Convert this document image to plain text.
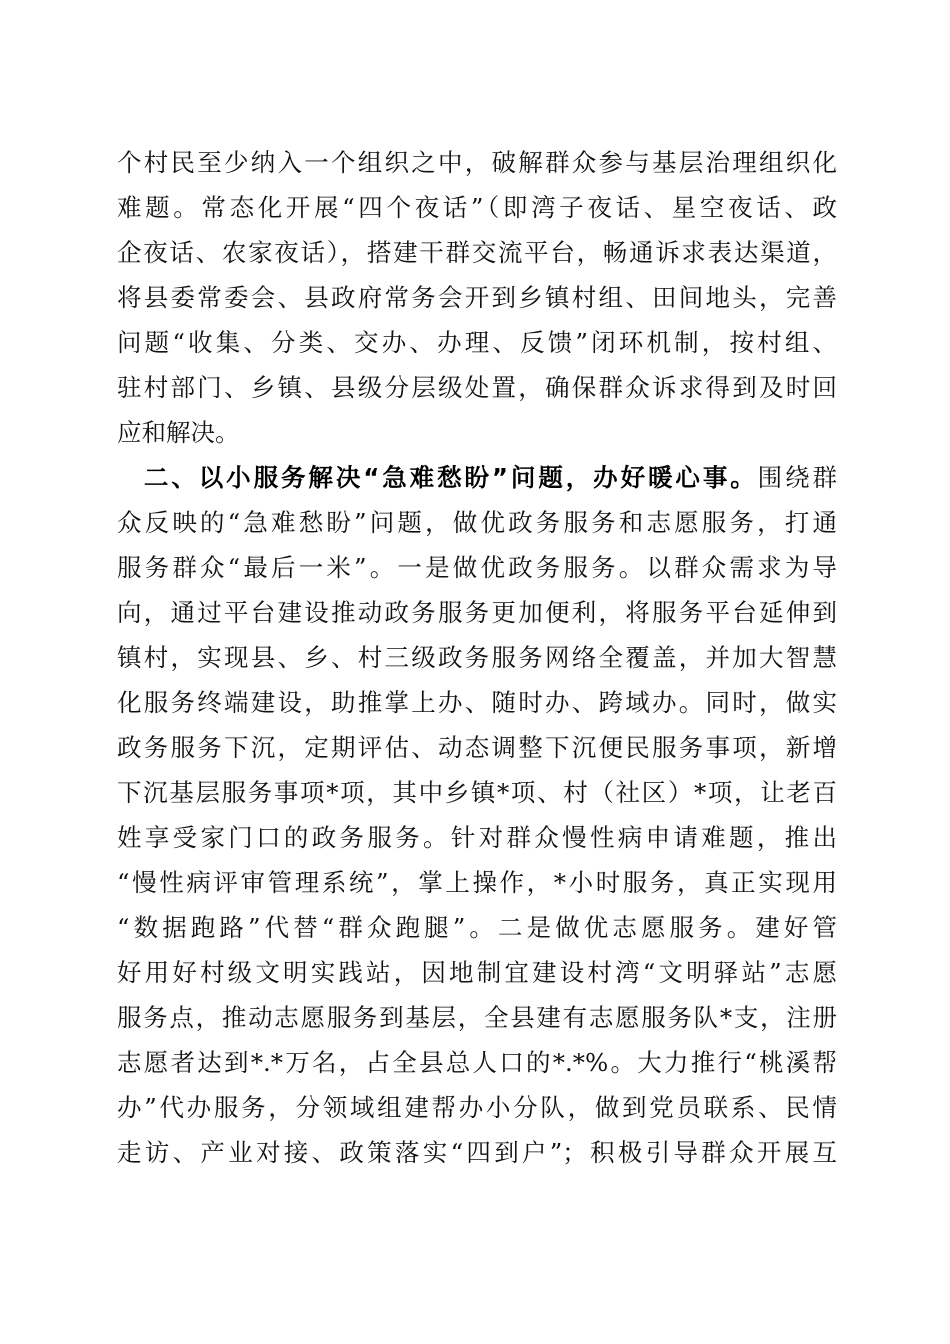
个村民至少纳入一个组织之中，破解群众参与基层治理组织化
难题。常态化开展“四个夜话”（即湾子夜话、星空夜话、政
企夜话、农家夜话），搭建干群交流平台，畅通诉求表达渠道，
将县委常委会、县政府常务会开到乡镇村组、田间地头，完善
问题“收集、分类、交办、办理、反馈”闭环机制，按村组、
驻村部门、乡镇、县级分层级处置，确保群众诉求得到及时回
应和解决。
二、以小服务解决“急难愁盼”问题，办好暖心事。围绕群
众反映的“急难愁盼”问题，做优政务服务和志愿服务，打通
服务群众“最后一米”。一是做优政务服务。以群众需求为导
向，通过平台建设推动政务服务更加便利，将服务平台延伸到
镇村，实现县、乡、村三级政务服务网络全覆盖，并加大智慧
化服务终端建设，助推掌上办、随时办、跨域办。同时，做实
政务服务下沉，定期评估、动态调整下沉便民服务事项，新增
下沉基层服务事项*项，其中乡镇*项、村（社区）*项，让老百
姓享受家门口的政务服务。针对群众慢性病申请难题，推出
“慢性病评审管理系统”，掌上操作，*小时服务，真正实现用
“数据跑路”代替“群众跑腿”。二是做优志愿服务。建好管
好用好村级文明实践站，因地制宜建设村湾“文明驿站”志愿
服务点，推动志愿服务到基层，全县建有志愿服务队*支，注册
志愿者达到*.*万名，占全县总人口的*.*%。大力推行“桃溪帮
办”代办服务，分领域组建帮办小分队，做到党员联系、民情
走访、产业对接、政策落实“四到户”；积极引导群众开展互
